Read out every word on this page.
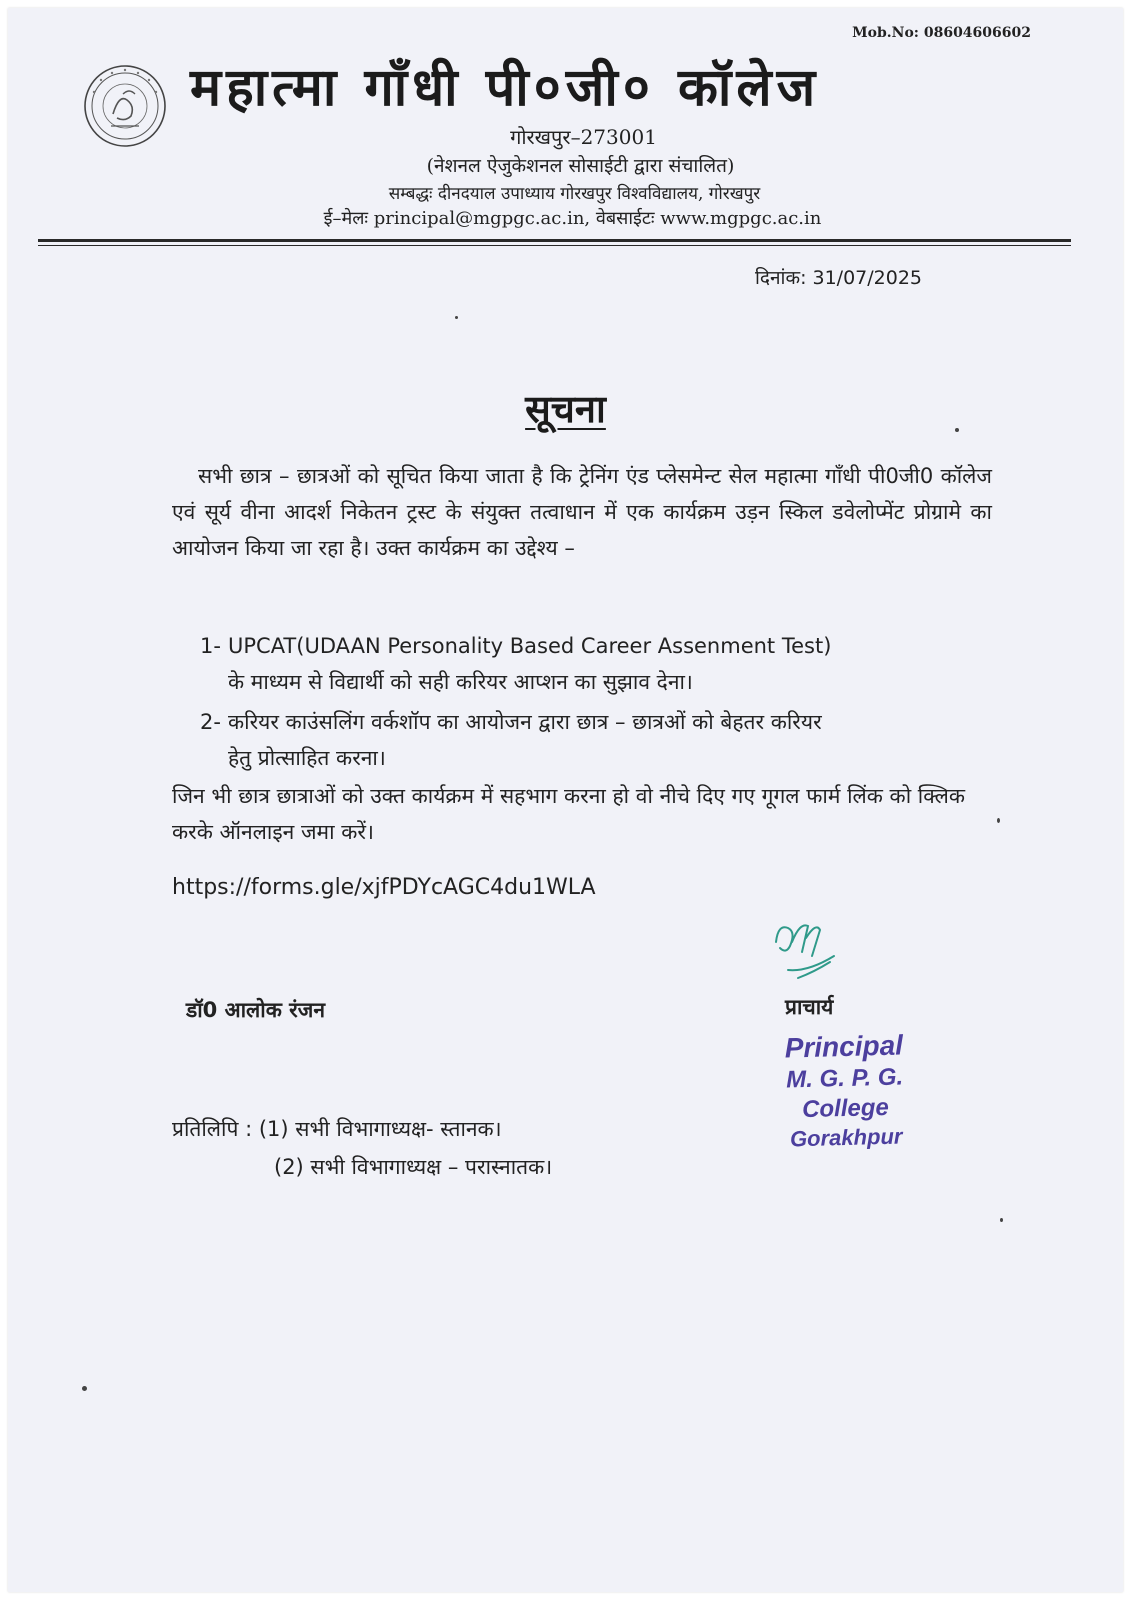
Mob.No: 08604606602
महात्मा गाँधी पी०जी० कॉलेज
गोरखपुर–273001
(नेशनल ऐजुकेशनल सोसाईटी द्वारा संचालित)
सम्बद्धः दीनदयाल उपाध्याय गोरखपुर विश्वविद्यालय, गोरखपुर
ई–मेलः principal@mgpgc.ac.in, वेबसाईटः www.mgpgc.ac.in
दिनांक: 31/07/2025
सूचना
सभी छात्र – छात्रओं को सूचित किया जाता है कि ट्रेनिंग एंड प्लेसमेन्ट सेल महात्मा गाँधी पी0जी0 कॉलेज एवं सूर्य वीना आदर्श निकेतन ट्रस्ट के संयुक्त तत्वाधान में एक कार्यक्रम उड़न स्किल डवेलोप्मेंट प्रोग्रामे का आयोजन किया जा रहा है। उक्त कार्यक्रम का उद्देश्य –
1- UPCAT(UDAAN Personality Based Career Assenment Test)
के माध्यम से विद्यार्थी को सही करियर आप्शन का सुझाव देना।
2- करियर काउंसलिंग वर्कशॉप का आयोजन द्वारा छात्र – छात्रओं को बेहतर करियर
हेतु प्रोत्साहित करना।
जिन भी छात्र छात्राओं को उक्त कार्यक्रम में सहभाग करना हो वो नीचे दिए गए गूगल फार्म लिंक को क्लिक करके ऑनलाइन जमा करें।
https://forms.gle/xjfPDYcAGC4du1WLA
डॉ0 आलोक रंजन	प्राचार्य
Principal
M. G. P. G. College
Gorakhpur
प्रतिलिपि : (1) सभी विभागाध्यक्ष- स्तानक।
(2) सभी विभागाध्यक्ष – परास्नातक।
